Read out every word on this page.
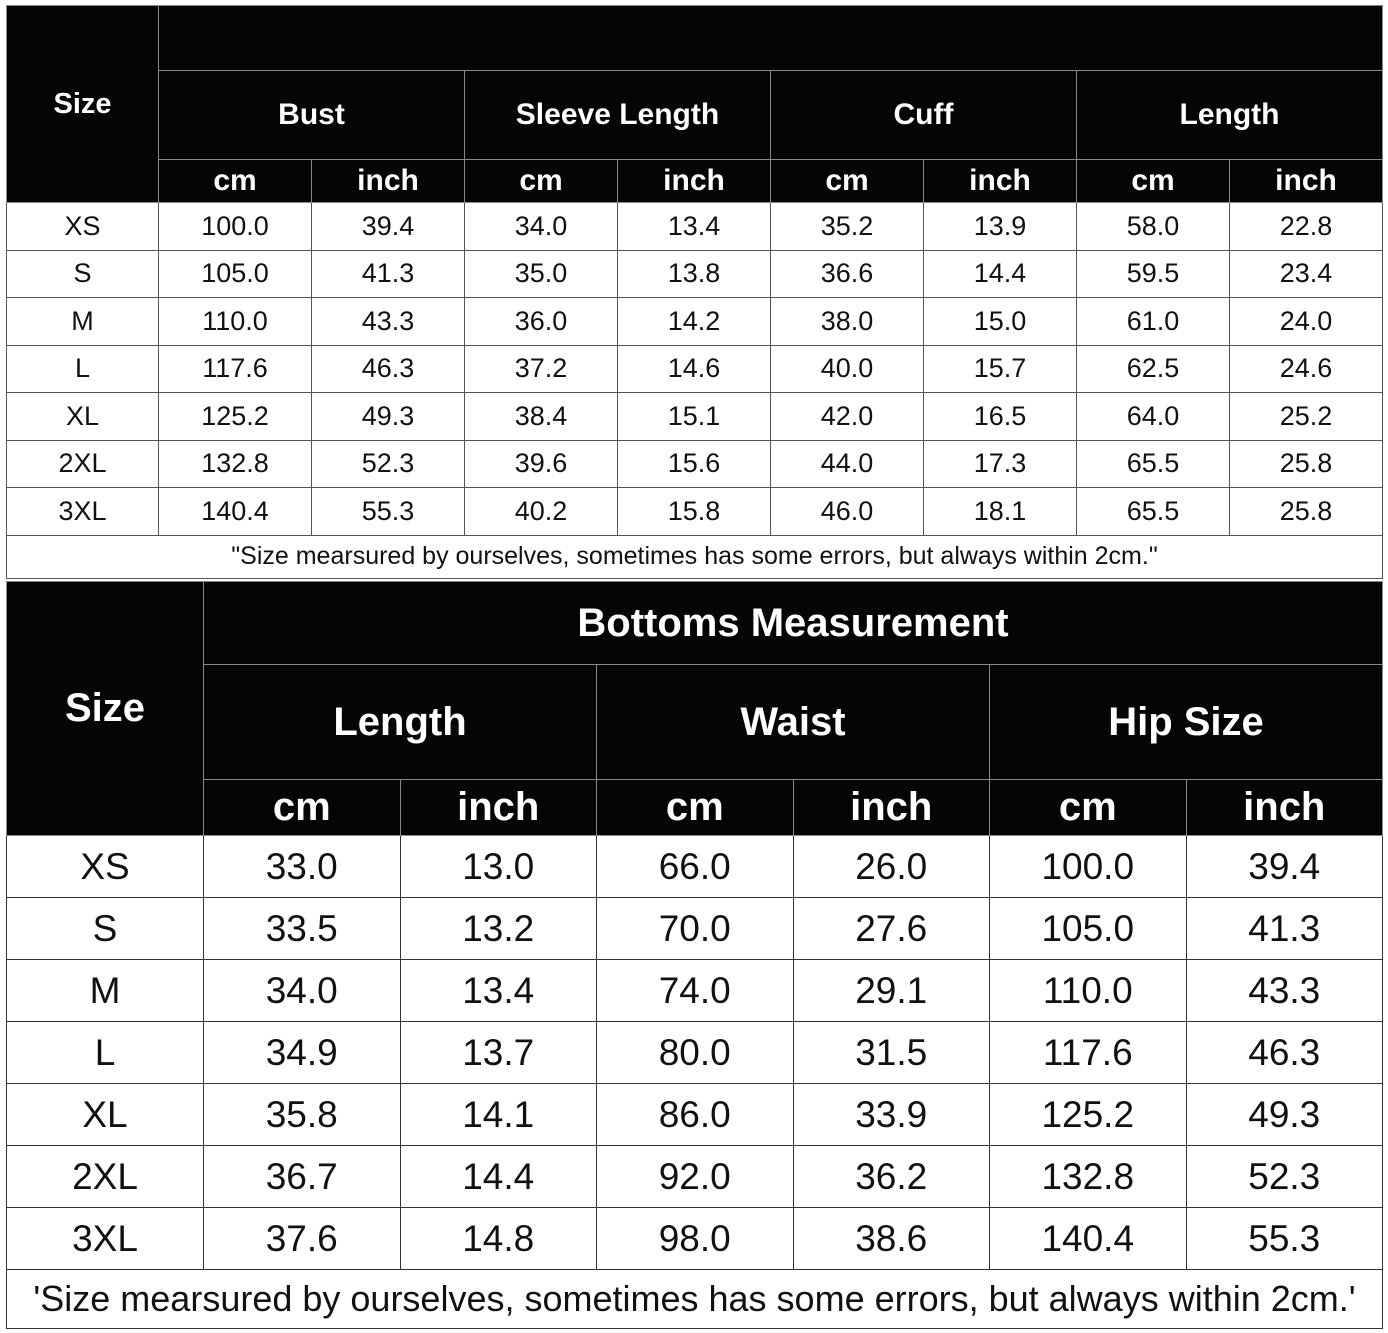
Size								
	Bust		Sleeve Length		Cuff		Length	
	cm	inch	cm	inch	cm	inch	cm	inch
XS	100.0	39.4	34.0	13.4	35.2	13.9	58.0	22.8
S	105.0	41.3	35.0	13.8	36.6	14.4	59.5	23.4
M	110.0	43.3	36.0	14.2	38.0	15.0	61.0	24.0
L	117.6	46.3	37.2	14.6	40.0	15.7	62.5	24.6
XL	125.2	49.3	38.4	15.1	42.0	16.5	64.0	25.2
2XL	132.8	52.3	39.6	15.6	44.0	17.3	65.5	25.8
3XL	140.4	55.3	40.2	15.8	46.0	18.1	65.5	25.8
"Size mearsured by ourselves, sometimes has some errors, but always within 2cm."								
Size	Bottoms Measurement					
	Length		Waist		Hip Size	
	cm	inch	cm	inch	cm	inch
XS	33.0	13.0	66.0	26.0	100.0	39.4
S	33.5	13.2	70.0	27.6	105.0	41.3
M	34.0	13.4	74.0	29.1	110.0	43.3
L	34.9	13.7	80.0	31.5	117.6	46.3
XL	35.8	14.1	86.0	33.9	125.2	49.3
2XL	36.7	14.4	92.0	36.2	132.8	52.3
3XL	37.6	14.8	98.0	38.6	140.4	55.3
'Size mearsured by ourselves, sometimes has some errors, but always within 2cm.'						
